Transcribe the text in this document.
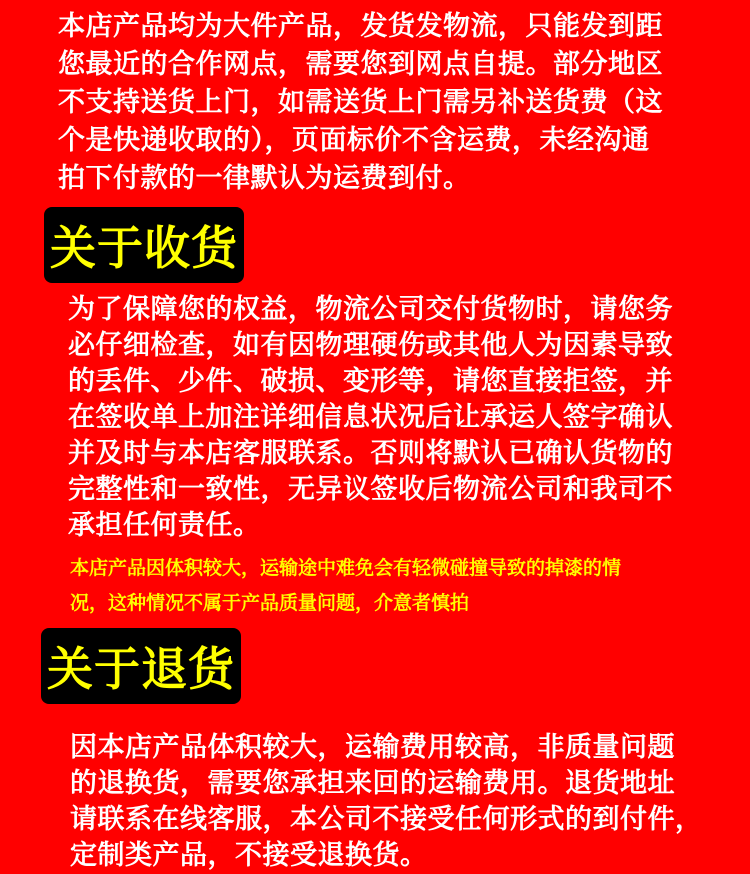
本店产品均为大件产品，发货发物流，只能发到距
您最近的合作网点，需要您到网点自提。部分地区
不支持送货上门，如需送货上门需另补送货费（这
个是快递收取的），页面标价不含运费，未经沟通
拍下付款的一律默认为运费到付。

关于收货

为了保障您的权益，物流公司交付货物时，请您务
必仔细检查，如有因物理硬伤或其他人为因素导致
的丢件、少件、破损、变形等，请您直接拒签，并
在签收单上加注详细信息状况后让承运人签字确认
并及时与本店客服联系。否则将默认已确认货物的
完整性和一致性，无异议签收后物流公司和我司不
承担任何责任。

本店产品因体积较大，运输途中难免会有轻微碰撞导致的掉漆的情
况，这种情况不属于产品质量问题，介意者慎拍

关于退货

因本店产品体积较大，运输费用较高，非质量问题
的退换货，需要您承担来回的运输费用。退货地址
请联系在线客服，本公司不接受任何形式的到付件，
定制类产品，不接受退换货。
